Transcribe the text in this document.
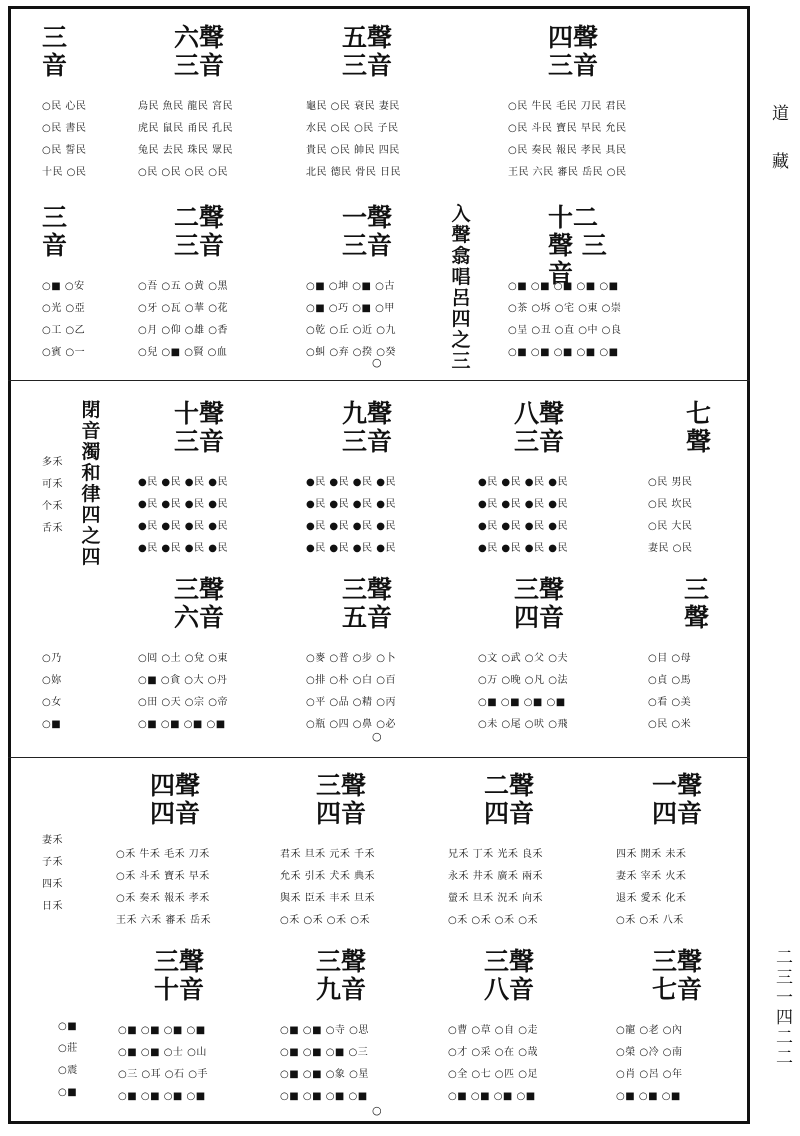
道藏
二三一四二二
三音
○民 心民
○民 書民
○民 誓民
十民 ○民
六聲 三音
烏民 魚民 龍民 宮民
虎民 鼠民 甬民 孔民
兔民 去民 珠民 眾民
○民 ○民 ○民 ○民
五聲 三音
龜民 ○民 衰民 妻民
水民 ○民 ○民 子民
貴民 ○民 帥民 四民
北民 德民 骨民 日民
四聲 三音
○民 牛民 毛民 刀民 君民
○民 斗民 寶民 早民 允民
○民 奏民 報民 孝民 具民
王民 六民 審民 岳民 ○民
三音
○■ ○安
○光 ○亞
○工 ○乙
○賓 ○一
二聲 三音
○吾 ○五 ○黄 ○黑
○牙 ○瓦 ○華 ○花
○月 ○仰 ○雄 ○香
○兒 ○■ ○賢 ○血
一聲 三音
○■ ○坤 ○■ ○古
○■ ○巧 ○■ ○甲
○乾 ○丘 ○近 ○九
○虯 ○弃 ○揆 ○癸
入聲翕唱呂四之三
十二聲 三音
○■ ○■ ○■ ○■ ○■
○茶 ○坼 ○宅 ○東 ○崇
○呈 ○丑 ○直 ○中 ○良
○■ ○■ ○■ ○■ ○■
○
閉音濁和律四之四
多禾
可禾
个禾
舌禾
十聲 三音
●民 ●民 ●民 ●民
●民 ●民 ●民 ●民
●民 ●民 ●民 ●民
●民 ●民 ●民 ●民
九聲 三音
●民 ●民 ●民 ●民
●民 ●民 ●民 ●民
●民 ●民 ●民 ●民
●民 ●民 ●民 ●民
八聲 三音
●民 ●民 ●民 ●民
●民 ●民 ●民 ●民
●民 ●民 ●民 ●民
●民 ●民 ●民 ●民
七聲
○民 男民
○民 坎民
○民 大民
妻民 ○民
○乃
○妳
○女
○■
三聲 六音
○囘 ○土 ○兌 ○東
○■ ○貪 ○大 ○丹
○田 ○天 ○宗 ○帝
○■ ○■ ○■ ○■
三聲 五音
○麥 ○普 ○步 ○卜
○排 ○朴 ○白 ○百
○平 ○品 ○精 ○丙
○瓶 ○四 ○鼻 ○必
三聲 四音
○文 ○武 ○父 ○夫
○万 ○晚 ○凡 ○法
○■ ○■ ○■ ○■
○未 ○尾 ○吠 ○飛
三聲
○目 ○母
○貞 ○馬
○看 ○美
○民 ○米
○
妻禾
子禾
四禾
日禾
四聲 四音
○禾 牛禾 毛禾 刀禾
○禾 斗禾 寶禾 早禾
○禾 奏禾 報禾 孝禾
王禾 六禾 審禾 岳禾
三聲 四音
君禾 旦禾 元禾 千禾
允禾 引禾 犬禾 典禾
與禾 臣禾 丰禾 旦禾
○禾 ○禾 ○禾 ○禾
二聲 四音
兄禾 丁禾 光禾 良禾
永禾 井禾 廣禾 兩禾
螢禾 旦禾 況禾 向禾
○禾 ○禾 ○禾 ○禾
一聲 四音
四禾 開禾 未禾
妻禾 宰禾 火禾
退禾 愛禾 化禾
○禾 ○禾 八禾
○■
○莊
○震
○■
三聲 十音
○■ ○■ ○■ ○■
○■ ○■ ○士 ○山
○三 ○耳 ○石 ○手
○■ ○■ ○■ ○■
三聲 九音
○■ ○■ ○寺 ○思
○■ ○■ ○■ ○三
○■ ○■ ○象 ○星
○■ ○■ ○■ ○■
三聲 八音
○曹 ○草 ○自 ○走
○才 ○采 ○在 ○哉
○全 ○七 ○匹 ○足
○■ ○■ ○■ ○■
三聲 七音
○寵 ○老 ○內
○榮 ○冷 ○南
○肖 ○呂 ○年
○■ ○■ ○■
○
